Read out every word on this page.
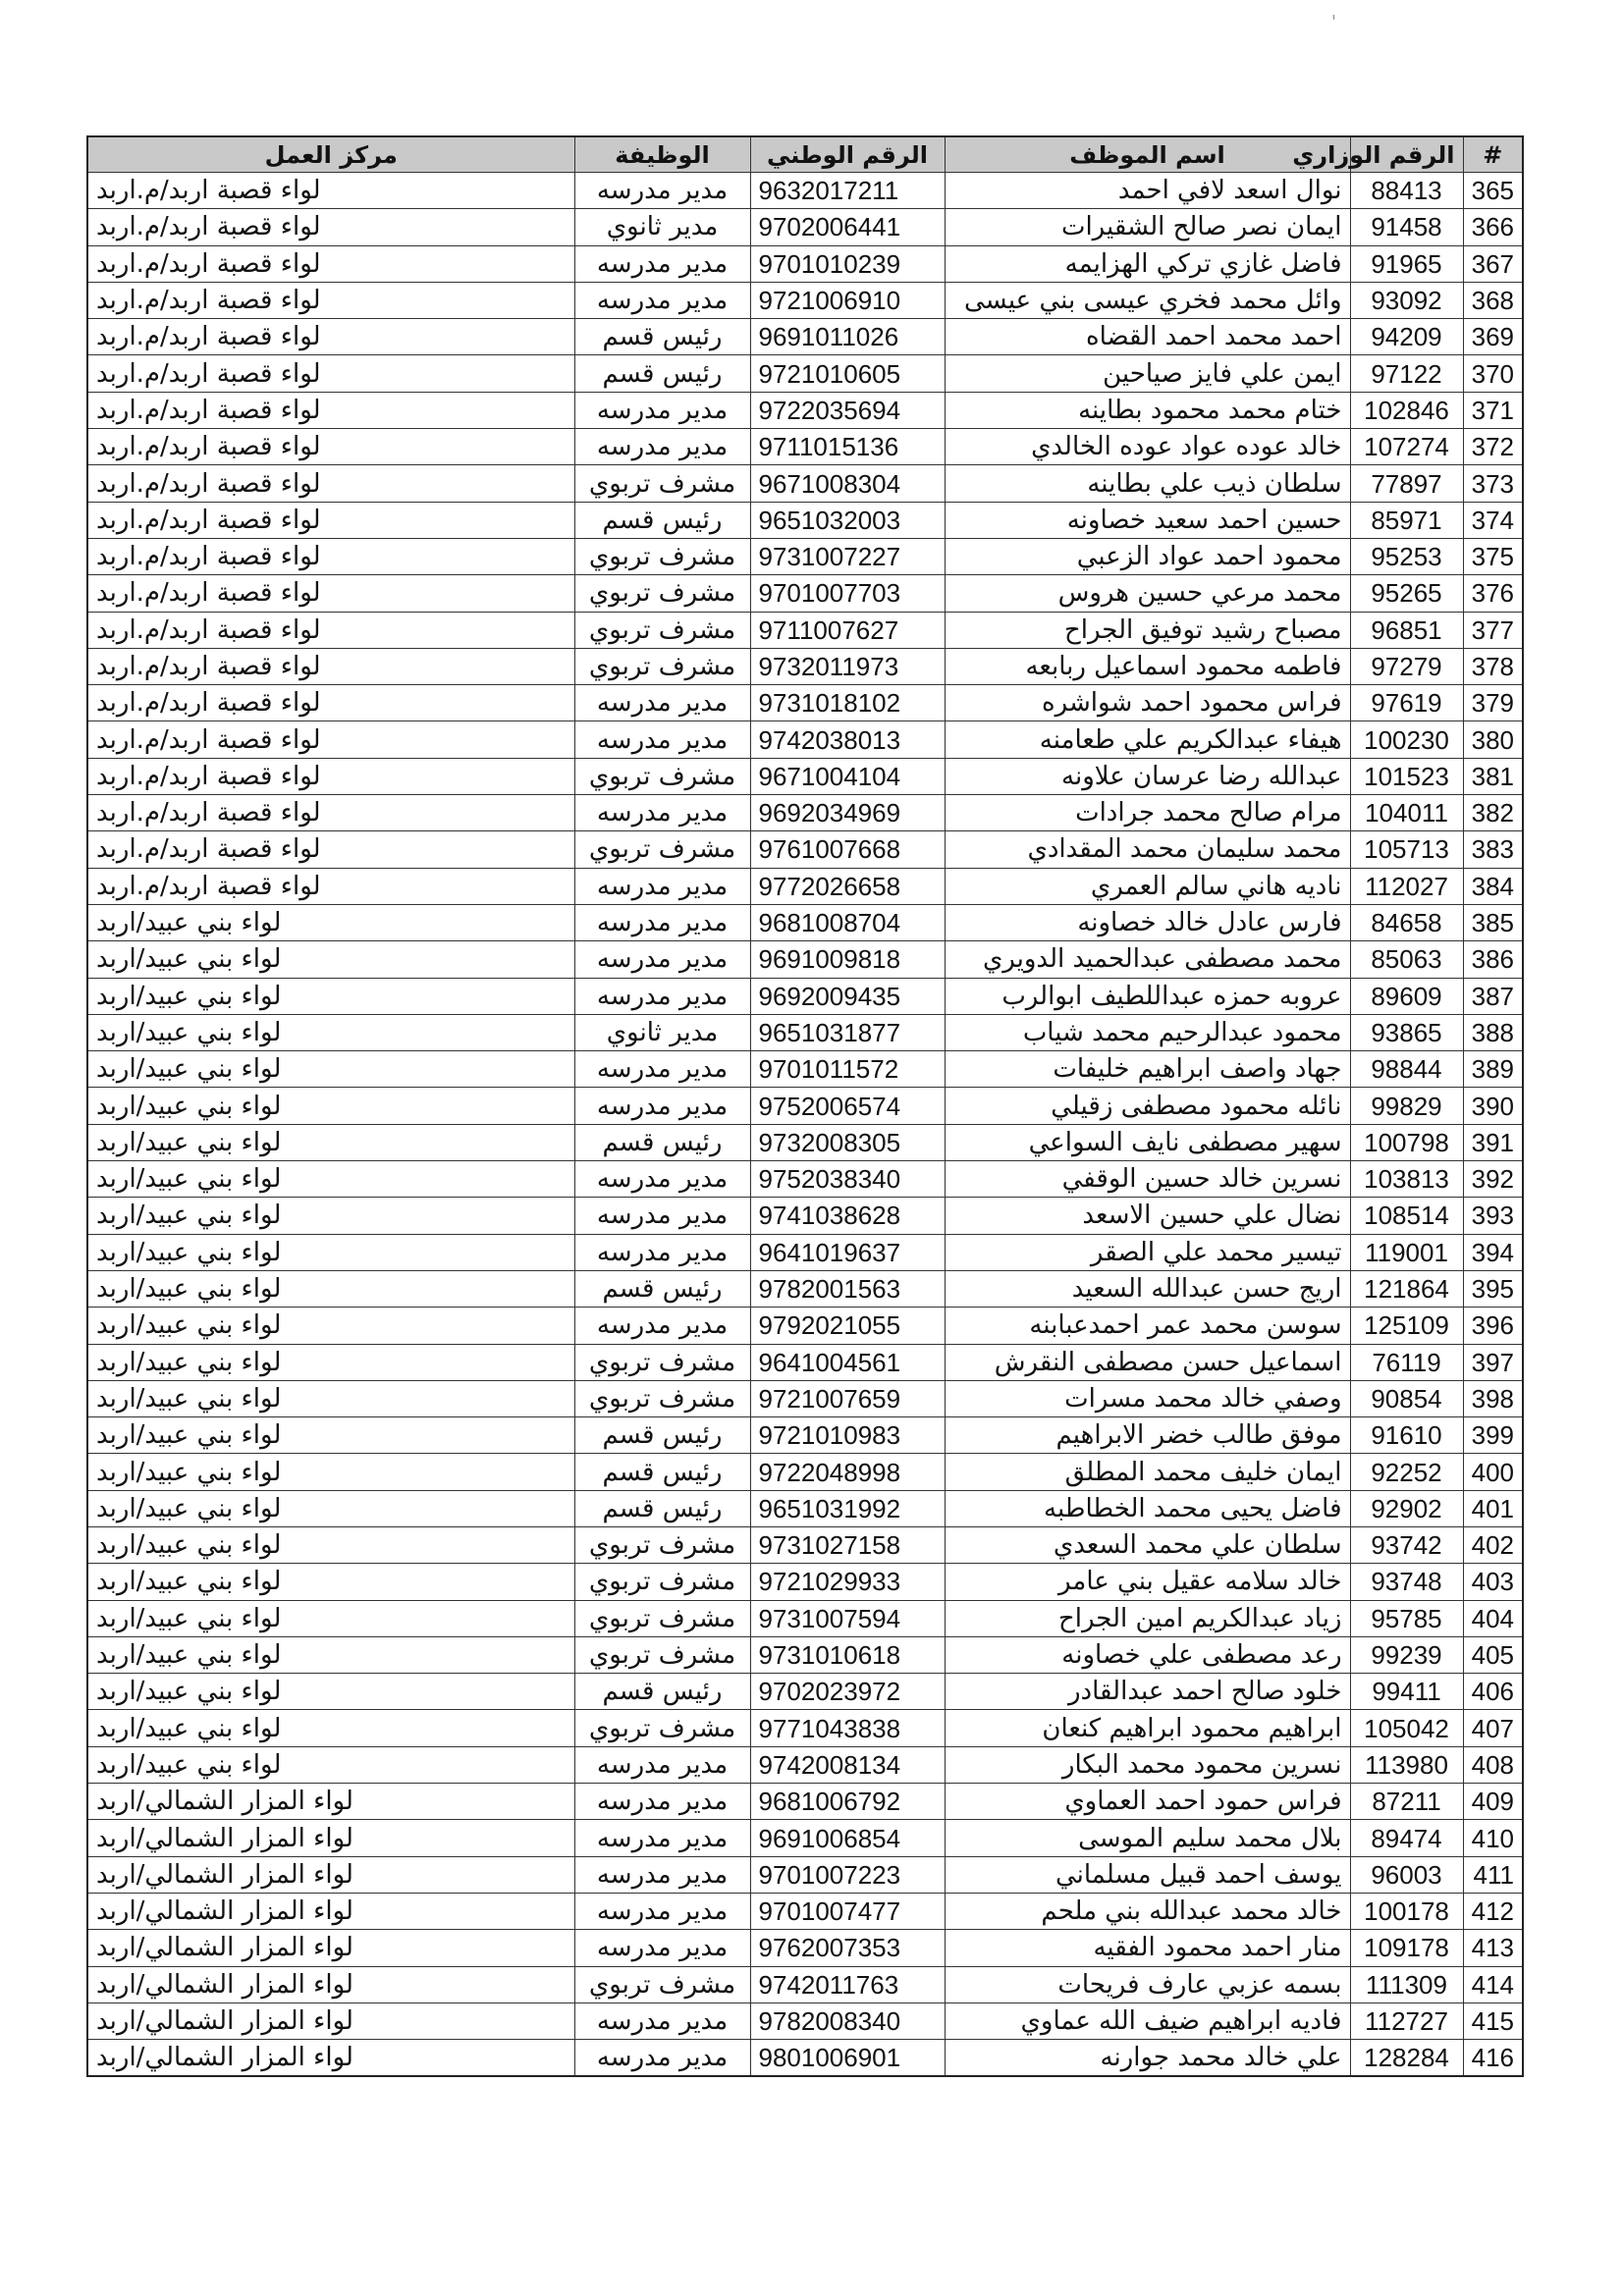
'
#	الرقم الوزاري	اسم الموظف	الرقم الوطني	الوظيفة	مركز العمل
365	88413	نوال اسعد لافي احمد	9632017211	مدير مدرسه	لواء قصبة اربد/م.اربد
366	91458	ايمان نصر صالح الشقيرات	9702006441	مدير ثانوي	لواء قصبة اربد/م.اربد
367	91965	فاضل غازي تركي الهزايمه	9701010239	مدير مدرسه	لواء قصبة اربد/م.اربد
368	93092	وائل محمد فخري عيسى بني عيسى	9721006910	مدير مدرسه	لواء قصبة اربد/م.اربد
369	94209	احمد محمد احمد القضاه	9691011026	رئيس قسم	لواء قصبة اربد/م.اربد
370	97122	ايمن علي فايز صياحين	9721010605	رئيس قسم	لواء قصبة اربد/م.اربد
371	102846	ختام محمد محمود بطاينه	9722035694	مدير مدرسه	لواء قصبة اربد/م.اربد
372	107274	خالد عوده عواد عوده الخالدي	9711015136	مدير مدرسه	لواء قصبة اربد/م.اربد
373	77897	سلطان ذيب علي بطاينه	9671008304	مشرف تربوي	لواء قصبة اربد/م.اربد
374	85971	حسين احمد سعيد خصاونه	9651032003	رئيس قسم	لواء قصبة اربد/م.اربد
375	95253	محمود احمد عواد الزعبي	9731007227	مشرف تربوي	لواء قصبة اربد/م.اربد
376	95265	محمد مرعي حسين هروس	9701007703	مشرف تربوي	لواء قصبة اربد/م.اربد
377	96851	مصباح رشيد توفيق الجراح	9711007627	مشرف تربوي	لواء قصبة اربد/م.اربد
378	97279	فاطمه محمود اسماعيل ربابعه	9732011973	مشرف تربوي	لواء قصبة اربد/م.اربد
379	97619	فراس محمود احمد شواشره	9731018102	مدير مدرسه	لواء قصبة اربد/م.اربد
380	100230	هيفاء عبدالكريم علي طعامنه	9742038013	مدير مدرسه	لواء قصبة اربد/م.اربد
381	101523	عبدالله رضا عرسان علاونه	9671004104	مشرف تربوي	لواء قصبة اربد/م.اربد
382	104011	مرام صالح محمد جرادات	9692034969	مدير مدرسه	لواء قصبة اربد/م.اربد
383	105713	محمد سليمان محمد المقدادي	9761007668	مشرف تربوي	لواء قصبة اربد/م.اربد
384	112027	ناديه هاني سالم العمري	9772026658	مدير مدرسه	لواء قصبة اربد/م.اربد
385	84658	فارس عادل خالد خصاونه	9681008704	مدير مدرسه	لواء بني عبيد/اربد
386	85063	محمد مصطفى عبدالحميد الدويري	9691009818	مدير مدرسه	لواء بني عبيد/اربد
387	89609	عروبه حمزه عبداللطيف ابوالرب	9692009435	مدير مدرسه	لواء بني عبيد/اربد
388	93865	محمود عبدالرحيم محمد شياب	9651031877	مدير ثانوي	لواء بني عبيد/اربد
389	98844	جهاد واصف ابراهيم خليفات	9701011572	مدير مدرسه	لواء بني عبيد/اربد
390	99829	نائله محمود مصطفى زقيلي	9752006574	مدير مدرسه	لواء بني عبيد/اربد
391	100798	سهير مصطفى نايف السواعي	9732008305	رئيس قسم	لواء بني عبيد/اربد
392	103813	نسرين خالد حسين الوقفي	9752038340	مدير مدرسه	لواء بني عبيد/اربد
393	108514	نضال علي حسين الاسعد	9741038628	مدير مدرسه	لواء بني عبيد/اربد
394	119001	تيسير محمد علي الصقر	9641019637	مدير مدرسه	لواء بني عبيد/اربد
395	121864	اريج حسن عبدالله السعيد	9782001563	رئيس قسم	لواء بني عبيد/اربد
396	125109	سوسن محمد عمر احمدعبابنه	9792021055	مدير مدرسه	لواء بني عبيد/اربد
397	76119	اسماعيل حسن مصطفى النقرش	9641004561	مشرف تربوي	لواء بني عبيد/اربد
398	90854	وصفي خالد محمد مسرات	9721007659	مشرف تربوي	لواء بني عبيد/اربد
399	91610	موفق طالب خضر الابراهيم	9721010983	رئيس قسم	لواء بني عبيد/اربد
400	92252	ايمان خليف محمد المطلق	9722048998	رئيس قسم	لواء بني عبيد/اربد
401	92902	فاضل يحيى محمد الخطاطبه	9651031992	رئيس قسم	لواء بني عبيد/اربد
402	93742	سلطان علي محمد السعدي	9731027158	مشرف تربوي	لواء بني عبيد/اربد
403	93748	خالد سلامه عقيل بني عامر	9721029933	مشرف تربوي	لواء بني عبيد/اربد
404	95785	زياد عبدالكريم امين الجراح	9731007594	مشرف تربوي	لواء بني عبيد/اربد
405	99239	رعد مصطفى علي خصاونه	9731010618	مشرف تربوي	لواء بني عبيد/اربد
406	99411	خلود صالح احمد عبدالقادر	9702023972	رئيس قسم	لواء بني عبيد/اربد
407	105042	ابراهيم محمود ابراهيم كنعان	9771043838	مشرف تربوي	لواء بني عبيد/اربد
408	113980	نسرين محمود محمد البكار	9742008134	مدير مدرسه	لواء بني عبيد/اربد
409	87211	فراس حمود احمد العماوي	9681006792	مدير مدرسه	لواء المزار الشمالي/اربد
410	89474	بلال محمد سليم الموسى	9691006854	مدير مدرسه	لواء المزار الشمالي/اربد
411	96003	يوسف احمد قبيل مسلماني	9701007223	مدير مدرسه	لواء المزار الشمالي/اربد
412	100178	خالد محمد عبدالله بني ملحم	9701007477	مدير مدرسه	لواء المزار الشمالي/اربد
413	109178	منار احمد محمود الفقيه	9762007353	مدير مدرسه	لواء المزار الشمالي/اربد
414	111309	بسمه عزبي عارف فريحات	9742011763	مشرف تربوي	لواء المزار الشمالي/اربد
415	112727	فاديه ابراهيم ضيف الله عماوي	9782008340	مدير مدرسه	لواء المزار الشمالي/اربد
416	128284	علي خالد محمد جوارنه	9801006901	مدير مدرسه	لواء المزار الشمالي/اربد
